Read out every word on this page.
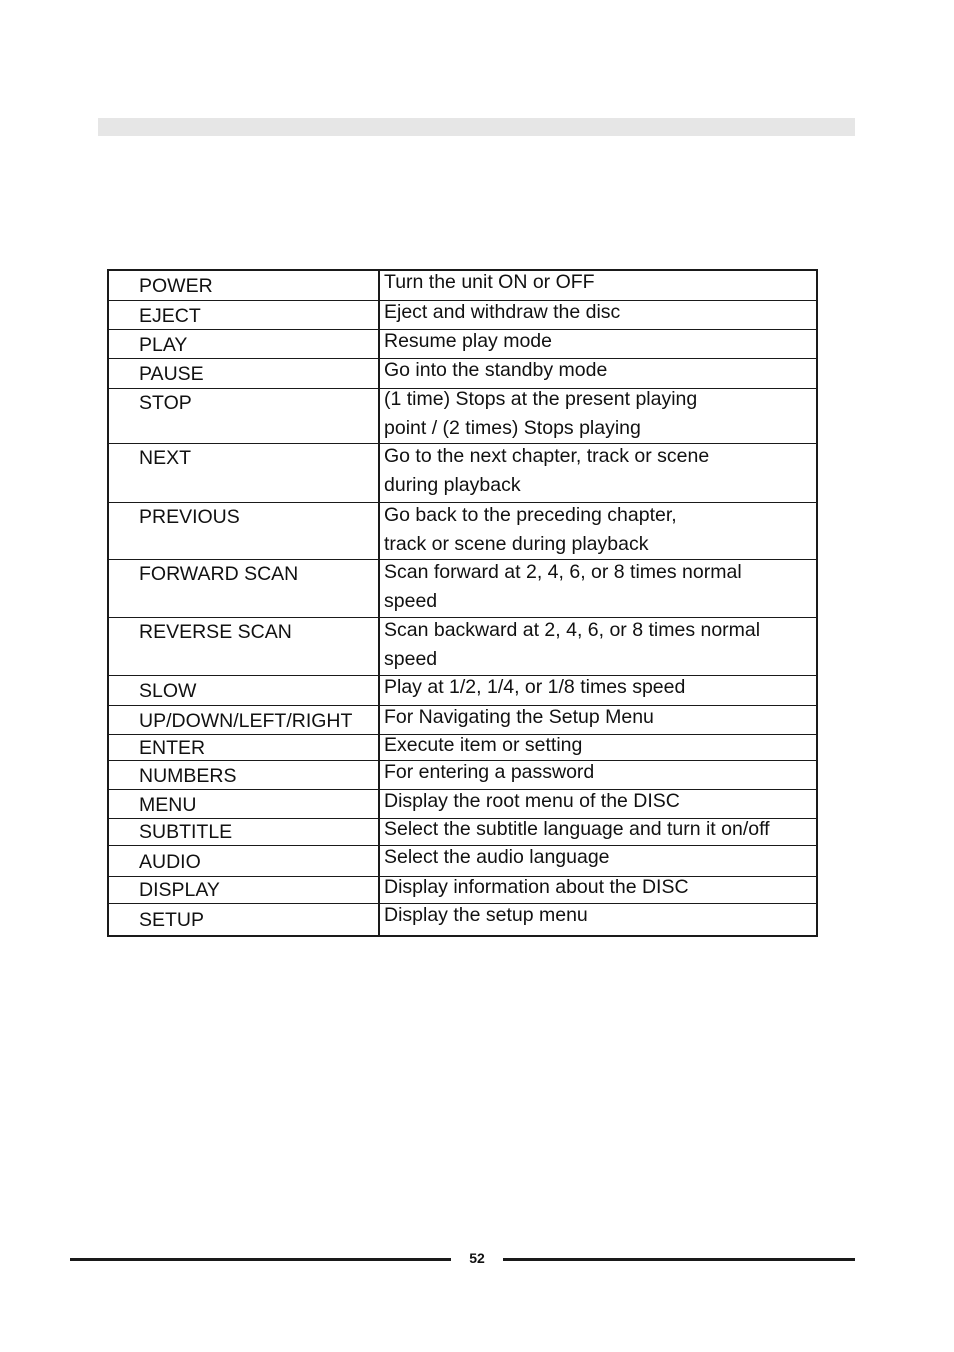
POWER	Turn the unit ON or OFF
EJECT	Eject and withdraw the disc
PLAY	Resume play mode
PAUSE	Go into the standby mode
STOP	(1 time) Stops at the present playing
point / (2 times) Stops playing
NEXT	Go to the next chapter, track or scene
during playback
PREVIOUS	Go back to the preceding chapter,
track or scene during playback
FORWARD SCAN	Scan forward at 2, 4, 6, or 8 times normal
speed
REVERSE SCAN	Scan backward at 2, 4, 6, or 8 times normal
speed
SLOW	Play at 1/2, 1/4, or 1/8 times speed
UP/DOWN/LEFT/RIGHT	For Navigating the Setup Menu
ENTER	Execute item or setting
NUMBERS	For entering a password
MENU	Display the root menu of the DISC
SUBTITLE	Select the subtitle language and turn it on/off
AUDIO	Select the audio language
DISPLAY	Display information about the DISC
SETUP	Display the setup menu
52
